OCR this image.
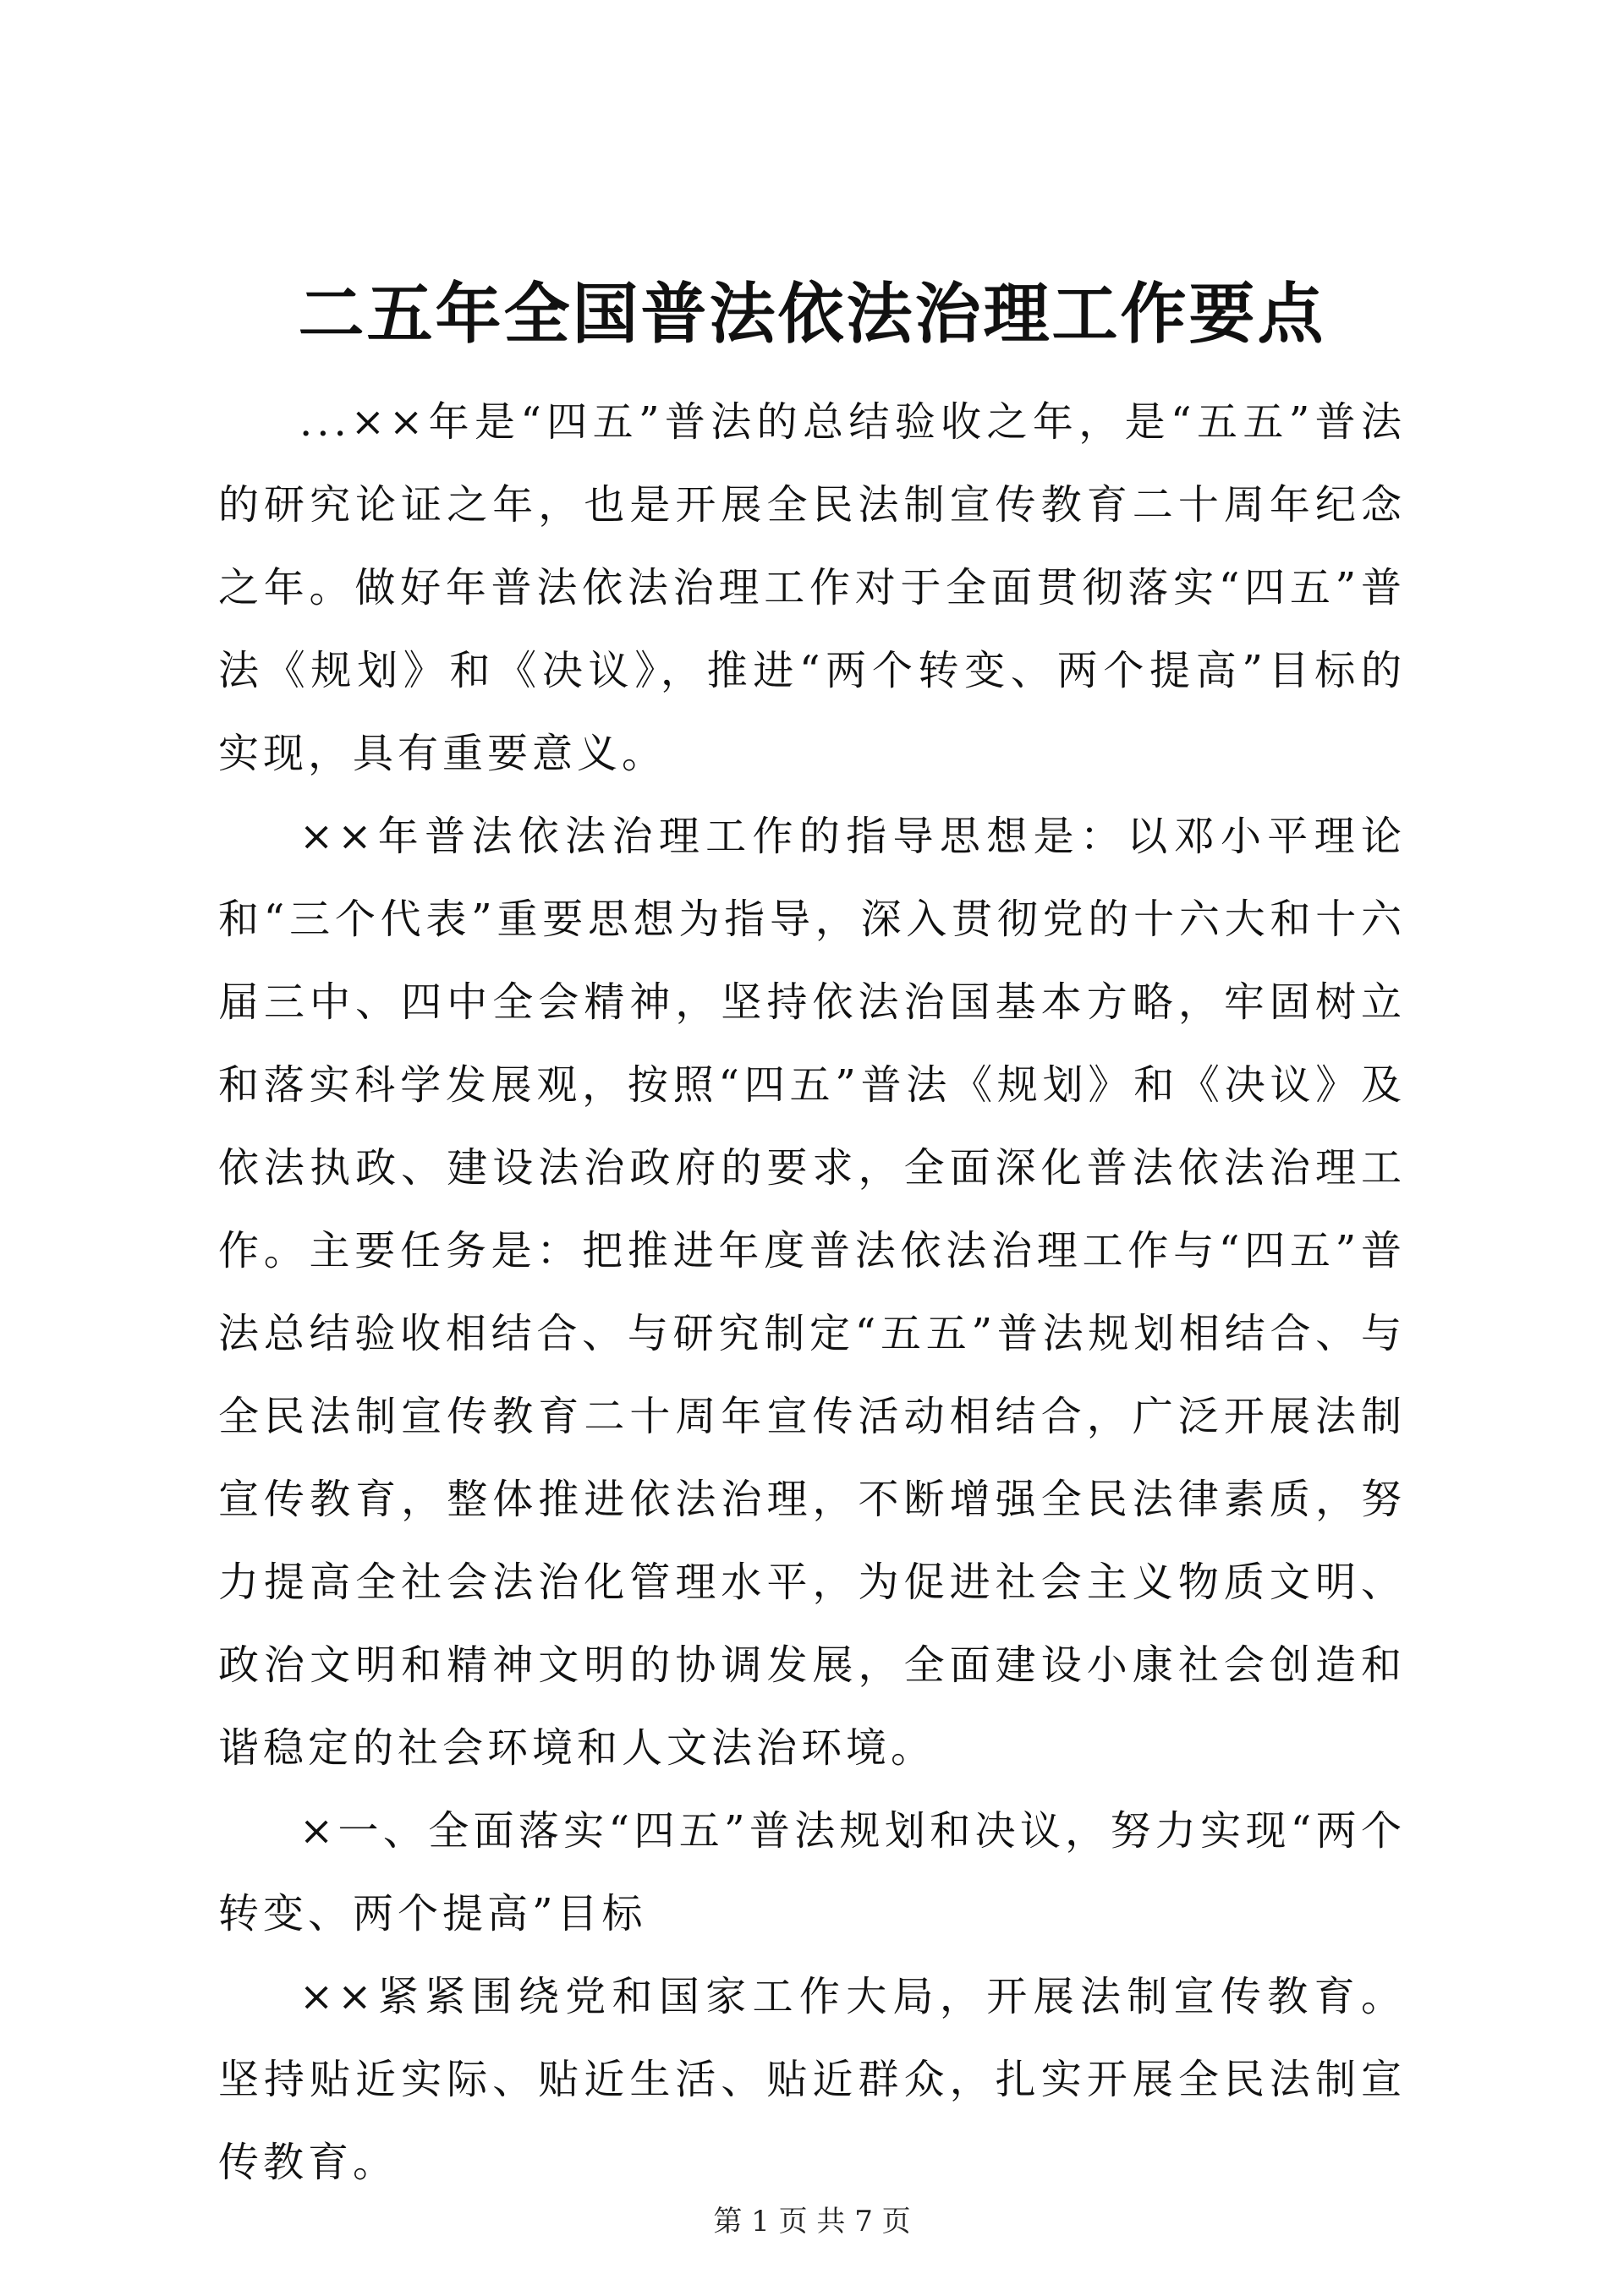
二五年全国普法依法治理工作要点

...××年是“四五”普法的总结验收之年，是“五五”普法的研究论证之年，也是开展全民法制宣传教育二十周年纪念之年。做好年普法依法治理工作对于全面贯彻落实“四五”普法《规划》和《决议》，推进“两个转变、两个提高”目标的实现，具有重要意义。

××年普法依法治理工作的指导思想是：以邓小平理论和“三个代表”重要思想为指导，深入贯彻党的十六大和十六届三中、四中全会精神，坚持依法治国基本方略，牢固树立和落实科学发展观，按照“四五”普法《规划》和《决议》及依法执政、建设法治政府的要求，全面深化普法依法治理工作。主要任务是：把推进年度普法依法治理工作与“四五”普法总结验收相结合、与研究制定“五五”普法规划相结合、与全民法制宣传教育二十周年宣传活动相结合，广泛开展法制宣传教育，整体推进依法治理，不断增强全民法律素质，努力提高全社会法治化管理水平，为促进社会主义物质文明、政治文明和精神文明的协调发展，全面建设小康社会创造和谐稳定的社会环境和人文法治环境。

×一、全面落实“四五”普法规划和决议，努力实现“两个转变、两个提高”目标

××紧紧围绕党和国家工作大局，开展法制宣传教育。坚持贴近实际、贴近生活、贴近群众，扎实开展全民法制宣传教育。

第 1 页 共 7 页
